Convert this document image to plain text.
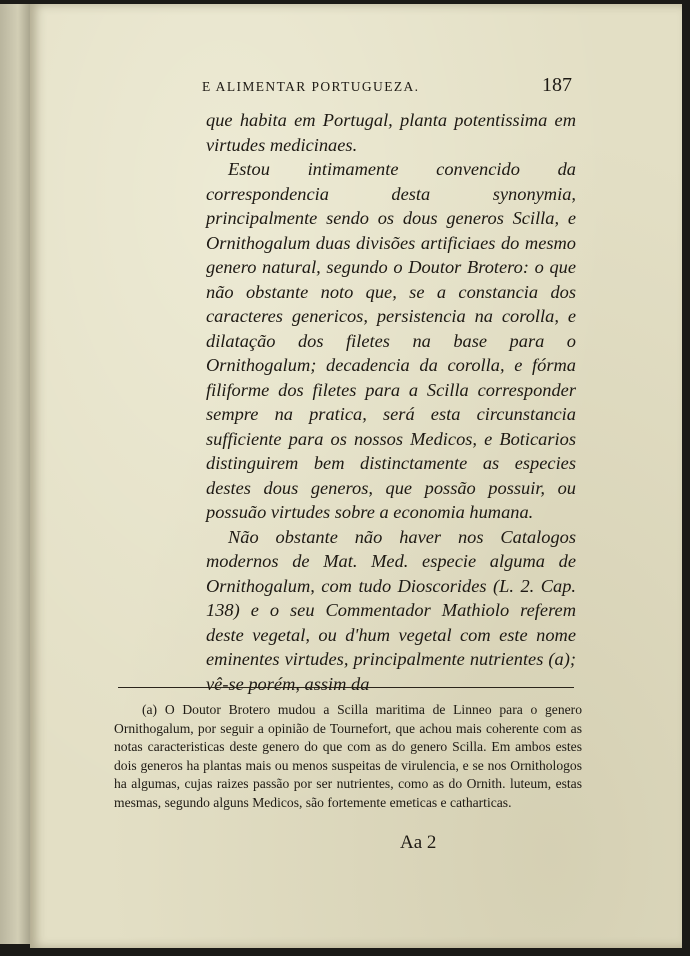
E ALIMENTAR PORTUGUEZA.	187

que habita em Portugal, planta potentissima em virtudes medicinaes.

Estou intimamente convencido da correspondencia desta synonymia, principalmente sendo os dous generos Scilla, e Ornithogalum duas divisões artificiaes do mesmo genero natural, segundo o Doutor Brotero: o que não obstante noto que, se a constancia dos caracteres genericos, persistencia na corolla, e dilatação dos filetes na base para o Ornithogalum; decadencia da corolla, e fórma filiforme dos filetes para a Scilla corresponder sempre na pratica, será esta circunstancia sufficiente para os nossos Medicos, e Boticarios distinguirem bem distinctamente as especies destes dous generos, que possão possuir, ou possuão virtudes sobre a economia humana.

Não obstante não haver nos Catalogos modernos de Mat. Med. especie alguma de Ornithogalum, com tudo Dioscorides (L. 2. Cap. 138) e o seu Commentador Mathiolo referem deste vegetal, ou d'hum vegetal com este nome eminentes virtudes, principalmente nutrientes (a); vê-se porém, assim da

(a) O Doutor Brotero mudou a Scilla maritima de Linneo para o genero Ornithogalum, por seguir a opinião de Tournefort, que achou mais coherente com as notas caracteristicas deste genero do que com as do genero Scilla. Em ambos estes dois generos ha plantas mais ou menos suspeitas de virulencia, e se nos Ornithologos ha algumas, cujas raizes passão por ser nutrientes, como as do Ornith. luteum, estas mesmas, segundo alguns Medicos, são fortemente emeticas e catharticas.
Aa 2
